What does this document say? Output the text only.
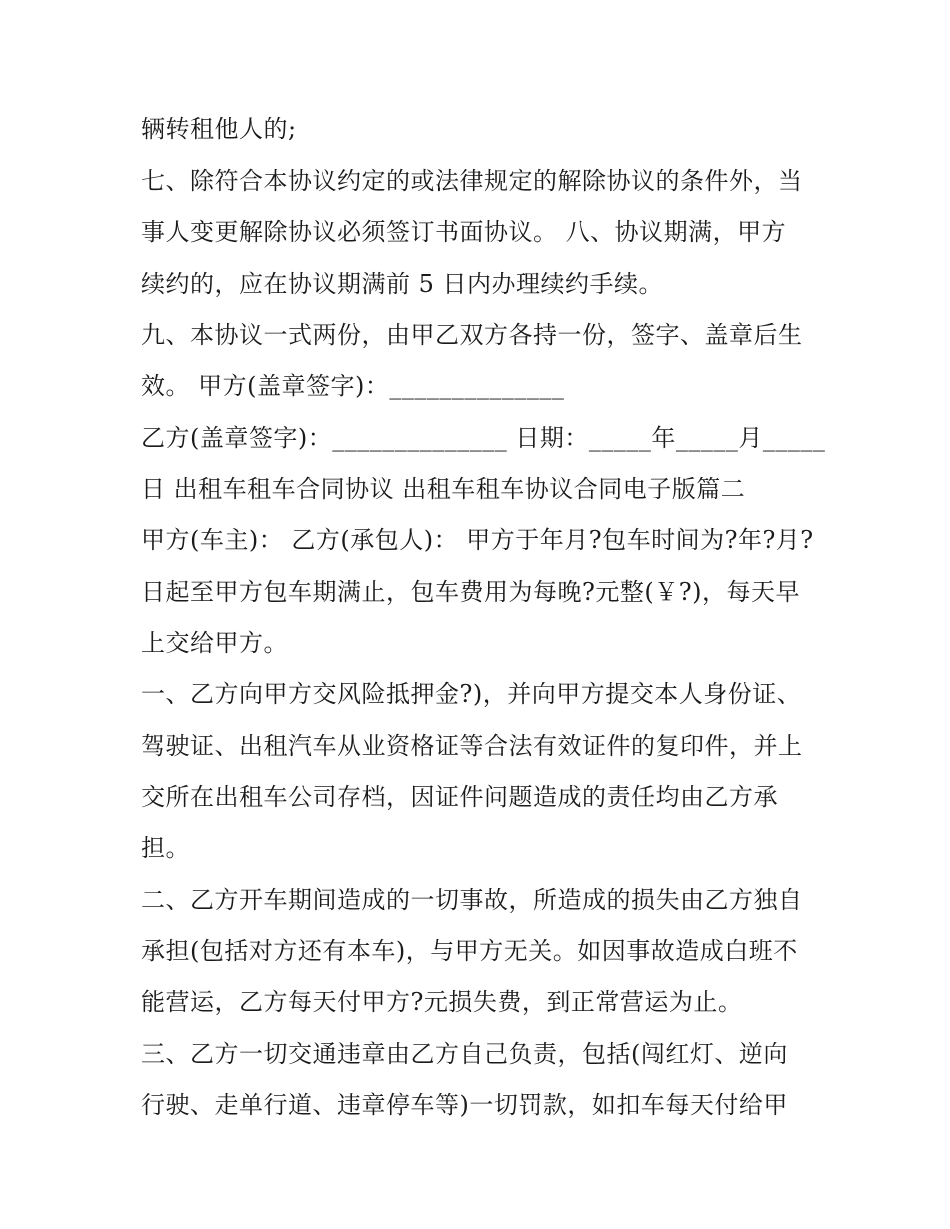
辆转租他人的;
七、除符合本协议约定的或法律规定的解除协议的条件外，当
事人变更解除协议必须签订书面协议。 八、协议期满，甲方
续约的，应在协议期满前 5 日内办理续约手续。
九、本协议一式两份，由甲乙双方各持一份，签字、盖章后生
效。 甲方(盖章签字)：______________
乙方(盖章签字)：______________ 日期：_____年_____月_____
日 出租车租车合同协议 出租车租车协议合同电子版篇二
甲方(车主)： 乙方(承包人)： 甲方于年月?包车时间为?年?月?
日起至甲方包车期满止，包车费用为每晚?元整(￥?)，每天早
上交给甲方。
一、乙方向甲方交风险抵押金?)，并向甲方提交本人身份证、
驾驶证、出租汽车从业资格证等合法有效证件的复印件，并上
交所在出租车公司存档，因证件问题造成的责任均由乙方承
担。
二、乙方开车期间造成的一切事故，所造成的损失由乙方独自
承担(包括对方还有本车)，与甲方无关。如因事故造成白班不
能营运，乙方每天付甲方?元损失费，到正常营运为止。
三、乙方一切交通违章由乙方自己负责，包括(闯红灯、逆向
行驶、走单行道、违章停车等)一切罚款，如扣车每天付给甲
